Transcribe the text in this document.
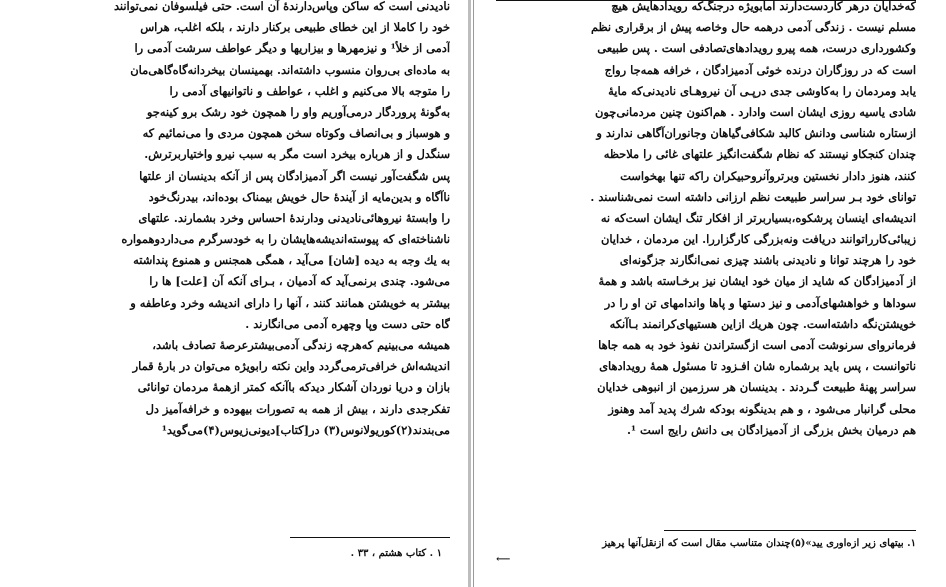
نادیدنی است که ساکن وپاس‌دارندهٔ آن است. حتی فیلسوفان نمی‌توانند
خود را کاملا از این خطای طبیعی برکنار دارند ، بلکه اغلب، هراس
آدمی از خلأ¹ و نیزمهرها و بیزاریها و دیگر عواطف سرشت آدمی را
به ماده‌ای بی‌روان منسوب داشته‌اند. بهمینسان بیخردانه‌گاه‌گاهی‌مان
را متوجه بالا می‌کنیم و اغلب ، عواطف و ناتوانیهای آدمی را
به‌گونهٔ پروردگار درمی‌آوریم واو را همچون خود رشک برو کینه‌جو
و هوسباز و بی‌انصاف وکوتاه سخن همچون مردی وا می‌نمائیم که
سنگدل و از هرباره بیخرد است مگر به سبب نیرو واختیاربرترش.
پس شگفت‌آور نیست اگر آدمیزادگان پس از آنکه بدینسان از علتها
ناآگاه و بدین‌مایه از آیندهٔ حال خویش بیمناک بوده‌اند، بیدرنگ‌خود
را وابستهٔ نیروهائی‌نادیدنی ودارندهٔ احساس وخرد بشمارند. علتهای
ناشناخته‌ای که پیوسته‌اندیشه‌هایشان را به خودسرگرم می‌دارد‌وهمواره
به یك وجه به دیده [شان] می‌آید ، همگی همجنس و همنوع پنداشته
می‌شود. چندی برنمی‌آید که آدمیان ، بـرای آنکه آن [علت] ها را
بیشتر به خویشتن همانند کنند ، آنها را دارای اندیشه وخرد وعاطفه و
گاه حتی دست وپا وچهره آدمی می‌انگارند .
همیشه می‌بینیم که‌هرچه زندگی آدمی‌بیشترعرصهٔ تصادف باشد،
اندیشه‌اش خرافی‌ترمی‌گردد واین نکته رابویژه می‌توان در بارهٔ قمار‌
بازان و دریا نوردان آشکار دیدکه باآنکه کمتر ازهمهٔ مردمان توانائی
تفکرجدی دارند ، بیش از همه به تصورات بیهوده و خرافه‌آمیز دل
می‌بندند(۲)‌کوریولانوس(۳) در[کتاب]دیونی‌زیوس(۴)می‌گوید¹
۱ . کتاب هشتم ، ۳۳ .
که‌خدایان درهر کاردست‌دارند امابویژه درجنگ‌که رویدادهایش هیچ
مسلم نیست . زندگی آدمی درهمه حال وخاصه پیش از برقراری نظم
وکشورداری درست، همه پیرو رویدادهای‌تصادفی است . پس طبیعی
است که در روزگاران درنده خوئی آدمیزادگان ، خرافه همه‌جا رواج
یابد ومردمان را به‌کاوشی جدی درپـی آن نیروهـای نادیدنی‌که مایهٔ
شادی یاسیه روزی ایشان است وادارد . هم‌اکنون چنین مردمانی‌چون
ازستاره شناسی ودانش کالبد شکافی‌گیاهان وجانوران‌آگاهی ندارند و
چندان کنجکاو نیستند که نظام شگفت‌انگیز علتهای غائی را ملاحظه
کنند، هنوز دادار نخستین وبرتروآنروحبیکران راکه تنها بهخواست
توانای خود بـر سراسر طبیعت نظم ارزانی داشته است نمی‌شناسند .
اندیشه‌ای اینسان پرشکوه،بسیاربرتر از افکار تنگ ایشان است‌که نه
زیبائی‌کارراتوانند دریافت و‌نه‌بزرگی کارگزاررا. این مردمان ، خدایان
خود را هرچند توانا و نادیدنی باشند چیزی نمی‌انگارند جزگونه‌ای
از آدمیزادگان که شاید از میان خود ایشان نیز برخـاسته باشد و همهٔ
سوداها و خواهشهای‌آدمی و نیز دستها و پاها واندامهای تن او را در
خویشتن‌نگه داشته‌است. چون هریك ازاین هستیهای‌کرانمند بـاآنکه
فرمانروای سرنوشت آدمی است ازگستراندن نفوذ خود به همه جاها
ناتوانست ، پس باید برشماره شان افـزود تا مسئول همهٔ رویدادهای
سراسر پهنهٔ طبیعت گـردند . بدینسان هر سرزمین از انبوهی خدایان
محلی گرانبار می‌شود ، و هم بدینگونه بودکه شرك پدید آمد وهنوز
هم درمیان بخش بزرگی از آدمیزادگان بی دانش رایج است ¹.
۱. بیتهای زیر ازه‌اوری یید»(۵)چندان متناسب مقال است که ازنقل‌آنها پرهیز
⟵
